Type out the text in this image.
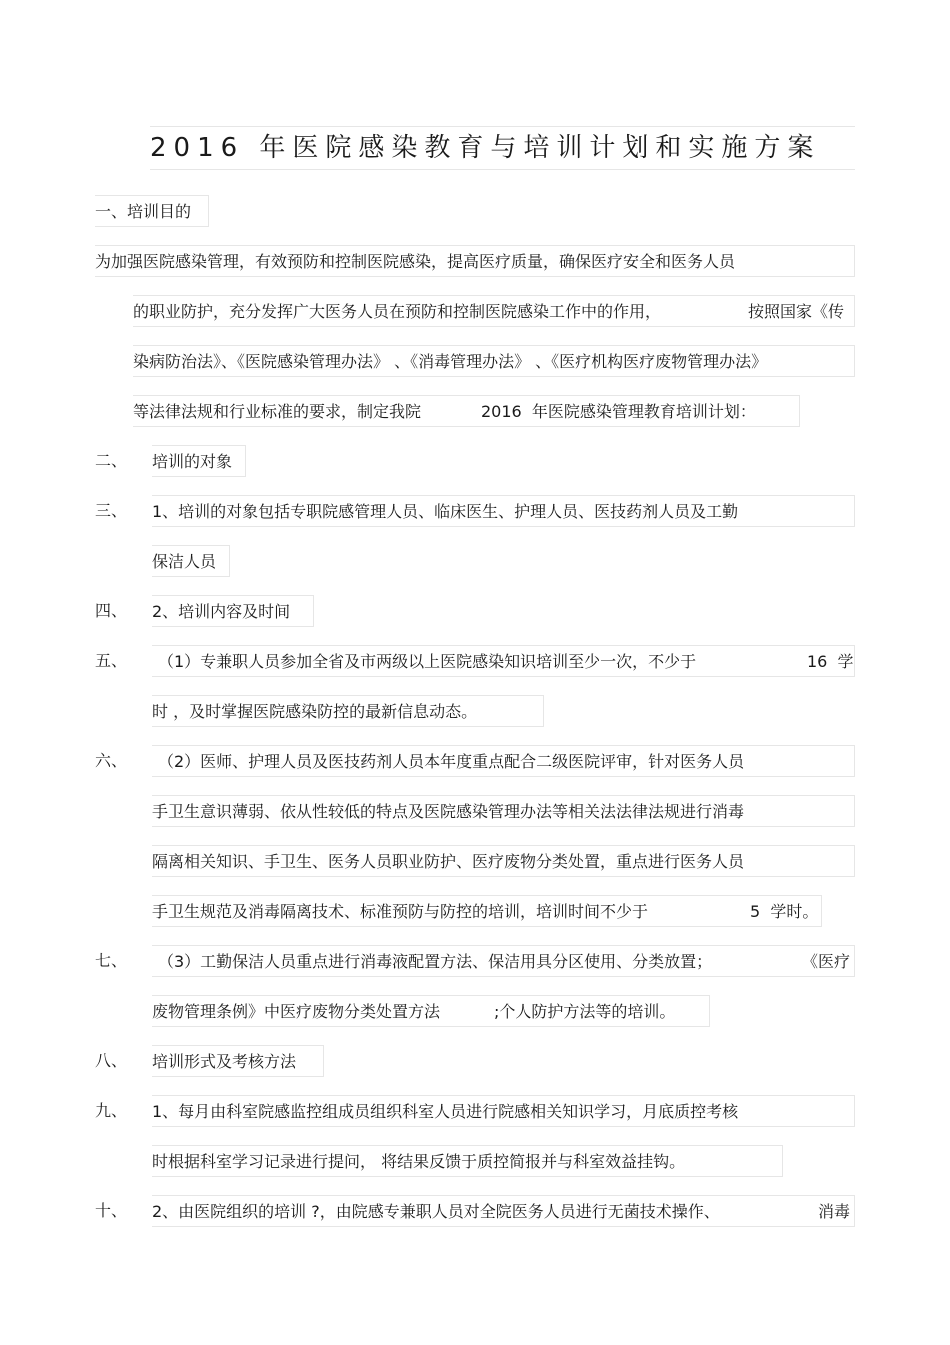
2016 年医院感染教育与培训计划和实施方案
一、培训目的
为加强医院感染管理，有效预防和控制医院感染，提高医疗质量，确保医疗安全和医务人员

的职业防护，充分发挥广大医务人员在预防和控制医院感染工作中的作用，

	按照国家《传

染病防治法》、《医院感染管理办法》 、《消毒管理办法》 、《医疗机构医疗废物管理办法》

等法律法规和行业标准的要求，制定我院

	2016  年医院感染管理教育培训计划：

二、 培训的对象
三、 1、培训的对象包括专职院感管理人员、临床医生、护理人员、医技药剂人员及工勤
保洁人员
四、 2、培训内容及时间
五、

（1）专兼职人员参加全省及市两级以上医院感染知识培训至少一次，不少于

	16  学

时 ，及时掌握医院感染防控的最新信息动态。
六、

（2）医师、护理人员及医技药剂人员本年度重点配合二级医院评审，针对医务人员

手卫生意识薄弱、依从性较低的特点及医院感染管理办法等相关法法律法规进行消毒
隔离相关知识、手卫生、医务人员职业防护、医疗废物分类处置，重点进行医务人员

手卫生规范及消毒隔离技术、标准预防与防控的培训，培训时间不少于

	5  学时。

七、

（3）工勤保洁人员重点进行消毒液配置方法、保洁用具分区使用、分类放置；

	《医疗

废物管理条例》中医疗废物分类处置方法

	;个人防护方法等的培训。

八、 培训形式及考核方法
九、 1、每月由科室院感监控组成员组织科室人员进行院感相关知识学习，月底质控考核
时根据科室学习记录进行提问， 将结果反馈于质控简报并与科室效益挂钩。
十、

2、由医院组织的培训 ?，由院感专兼职人员对全院医务人员进行无菌技术操作、

	消毒
